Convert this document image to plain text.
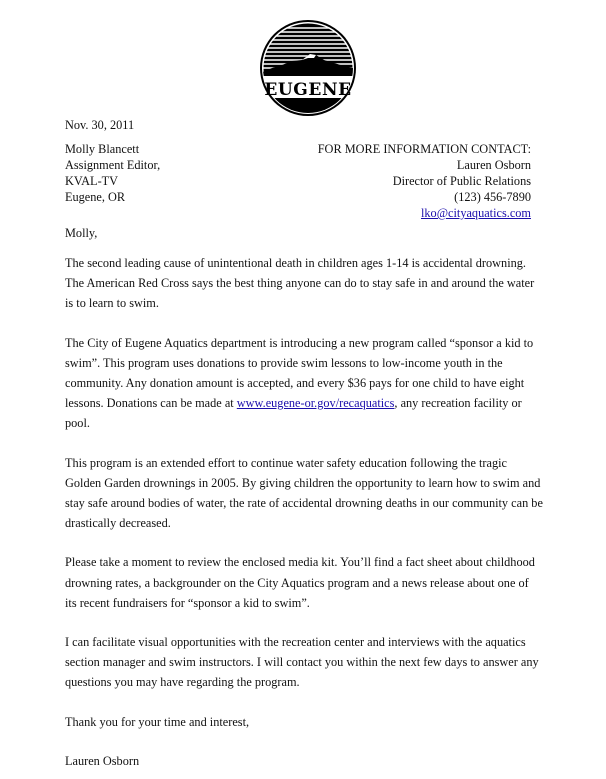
EUGENE
Nov. 30, 2011
Molly Blancett
Assignment Editor,
KVAL-TV
Eugene, OR
FOR MORE INFORMATION CONTACT:
Lauren Osborn
Director of Public Relations
(123) 456-7890
lko@cityaquatics.com
Molly,

The second leading cause of unintentional death in children ages 1-14 is accidental drowning. The American Red Cross says the best thing anyone can do to stay safe in and around the water is to learn to swim.

The City of Eugene Aquatics department is introducing a new program called “sponsor a kid to swim”. This program uses donations to provide swim lessons to low-income youth in the community. Any donation amount is accepted, and every $36 pays for one child to have eight lessons. Donations can be made at www.eugene-or.gov/recaquatics, any recreation facility or pool.

This program is an extended effort to continue water safety education following the tragic Golden Garden drownings in 2005. By giving children the opportunity to learn how to swim and stay safe around bodies of water, the rate of accidental drowning deaths in our community can be drastically decreased.

Please take a moment to review the enclosed media kit. You’ll find a fact sheet about childhood drowning rates, a backgrounder on the City Aquatics program and a news release about one of its recent fundraisers for “sponsor a kid to swim”.

I can facilitate visual opportunities with the recreation center and interviews with the aquatics section manager and swim instructors. I will contact you within the next few days to answer any questions you may have regarding the program.

Thank you for your time and interest,

Lauren Osborn
